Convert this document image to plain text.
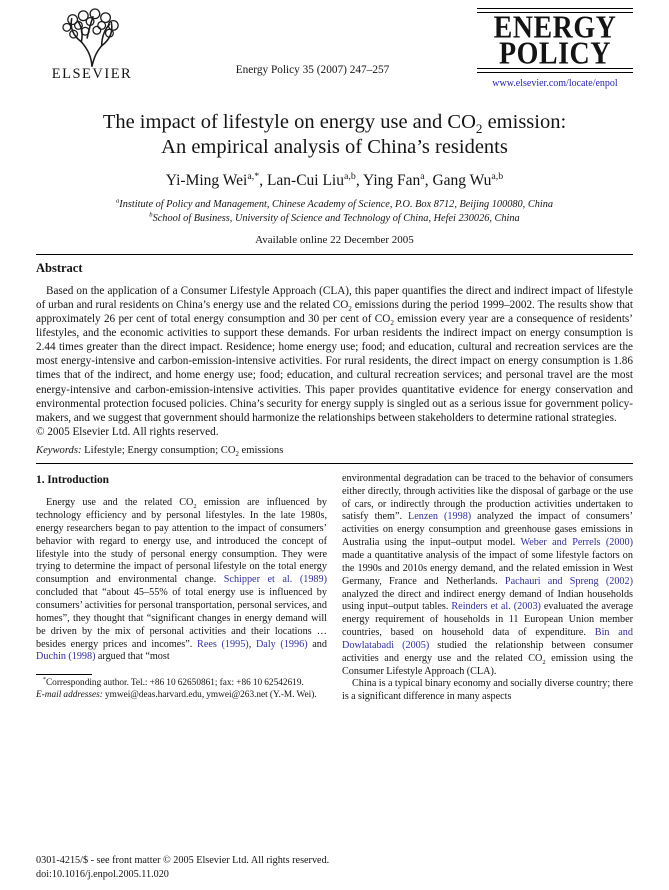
ELSEVIER	Energy Policy 35 (2007) 247–257
ENERGY
POLICY
www.elsevier.com/locate/enpol
The impact of lifestyle on energy use and $CO_2$ emission:
An empirical analysis of China’s residents
Yi-Ming Wei$^{a,*}$, Lan-Cui Liu$^{a,b}$, Ying Fan$^a$, Gang Wu$^{a,b}$
$^a$Institute of Policy and Management, Chinese Academy of Science, P.O. Box 8712, Beijing 100080, China
$^b$School of Business, University of Science and Technology of China, Hefei 230026, China
Available online 22 December 2005
Abstract

Based on the application of a Consumer Lifestyle Approach (CLA), this paper quantifies the direct and indirect impact of lifestyle of urban and rural residents on China’s energy use and the related $CO_2$ emissions during the period 1999–2002. The results show that approximately 26 per cent of total energy consumption and 30 per cent of $CO_2$ emission every year are a consequence of residents’ lifestyles, and the economic activities to support these demands. For urban residents the indirect impact on energy consumption is 2.44 times greater than the direct impact. Residence; home energy use; food; and education, cultural and recreation services are the most energy-intensive and carbon-emission-intensive activities. For rural residents, the direct impact on energy consumption is 1.86 times that of the indirect, and home energy use; food; education, and cultural recreation services; and personal travel are the most energy-intensive and carbon-emission-intensive activities. This paper provides quantitative evidence for energy conservation and environmental protection focused policies. China’s security for energy supply is singled out as a serious issue for government policy-makers, and we suggest that government should harmonize the relationships between stakeholders to determine rational strategies.

© 2005 Elsevier Ltd. All rights reserved.
Keywords: Lifestyle; Energy consumption; $CO_2$ emissions
1. Introduction

Energy use and the related $CO_2$ emission are influenced by technology efficiency and by personal lifestyles. In the late 1980s, energy researchers began to pay attention to the impact of consumers’ behavior with regard to energy use, and introduced the concept of lifestyle into the study of personal energy consumption. They were trying to determine the impact of personal lifestyle on the total energy consumption and environmental change. Schipper et al. (1989) concluded that “about 45–55% of total energy use is influenced by consumers’ activities for personal transportation, personal services, and homes”, they thought that “significant changes in energy demand will be driven by the mix of personal activities and their locations … besides energy prices and incomes”. Rees (1995), Daly (1996) and Duchin (1998) argued that “most

*Corresponding author. Tel.: +86 10 62650861; fax: +86 10 62542619.

E-mail addresses: ymwei@deas.harvard.edu, ymwei@263.net (Y.-M. Wei).

environmental degradation can be traced to the behavior of consumers either directly, through activities like the disposal of garbage or the use of cars, or indirectly through the production activities undertaken to satisfy them”. Lenzen (1998) analyzed the impact of consumers’ activities on energy consumption and greenhouse gases emissions in Australia using the input–output model. Weber and Perrels (2000) made a quantitative analysis of the impact of some lifestyle factors on the 1990s and 2010s energy demand, and the related emission in West Germany, France and Netherlands. Pachauri and Spreng (2002) analyzed the direct and indirect energy demand of Indian households using input–output tables. Reinders et al. (2003) evaluated the average energy requirement of households in 11 European Union member countries, based on household data of expenditure. Bin and Dowlatabadi (2005) studied the relationship between consumer activities and energy use and the related $CO_2$ emission using the Consumer Lifestyle Approach (CLA).

China is a typical binary economy and socially diverse country; there is a significant difference in many aspects

0301-4215/$ - see front matter © 2005 Elsevier Ltd. All rights reserved.
doi:10.1016/j.enpol.2005.11.020
